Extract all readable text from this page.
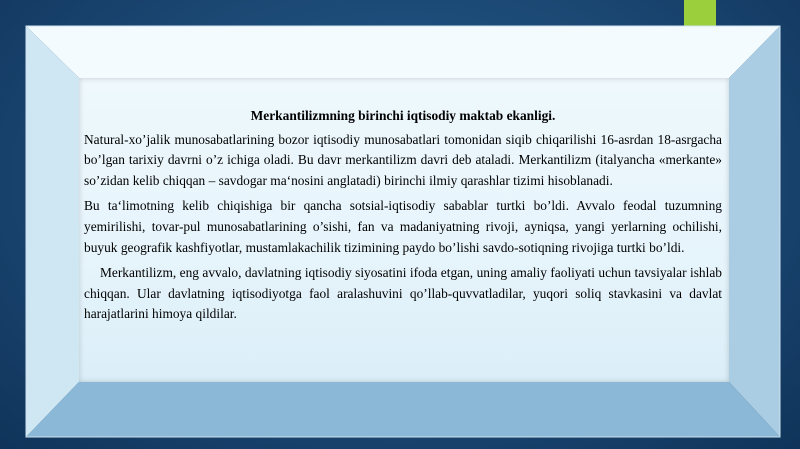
Merkantilizmning birinchi iqtisodiy maktab ekanligi.

Natural-xo’jalik munosabatlarining bozor iqtisodiy munosabatlari tomonidan siqib chiqarilishi 16-asrdan 18-asrgacha bo’lgan tarixiy davrni o’z ichiga oladi. Bu davr merkantilizm davri deb ataladi. Merkantilizm (italyancha «merkante» so’zidan kelib chiqqan – savdogar ma‘nosini anglatadi) birinchi ilmiy qarashlar tizimi hisoblanadi.

Bu ta‘limotning kelib chiqishiga bir qancha sotsial-iqtisodiy sabablar turtki bo’ldi. Avvalo feodal tuzumning yemirilishi, tovar-pul munosabatlarining o’sishi, fan va madaniyatning rivoji, ayniqsa, yangi yerlarning ochilishi, buyuk geografik kashfiyotlar, mustamlakachilik tizimining paydo bo’lishi savdo-sotiqning rivojiga turtki bo’ldi.

Merkantilizm, eng avvalo, davlatning iqtisodiy siyosatini ifoda etgan, uning amaliy faoliyati uchun tavsiyalar ishlab chiqqan. Ular davlatning iqtisodiyotga faol aralashuvini qo’llab-quvvatladilar, yuqori soliq stavkasini va davlat harajatlarini himoya qildilar.
